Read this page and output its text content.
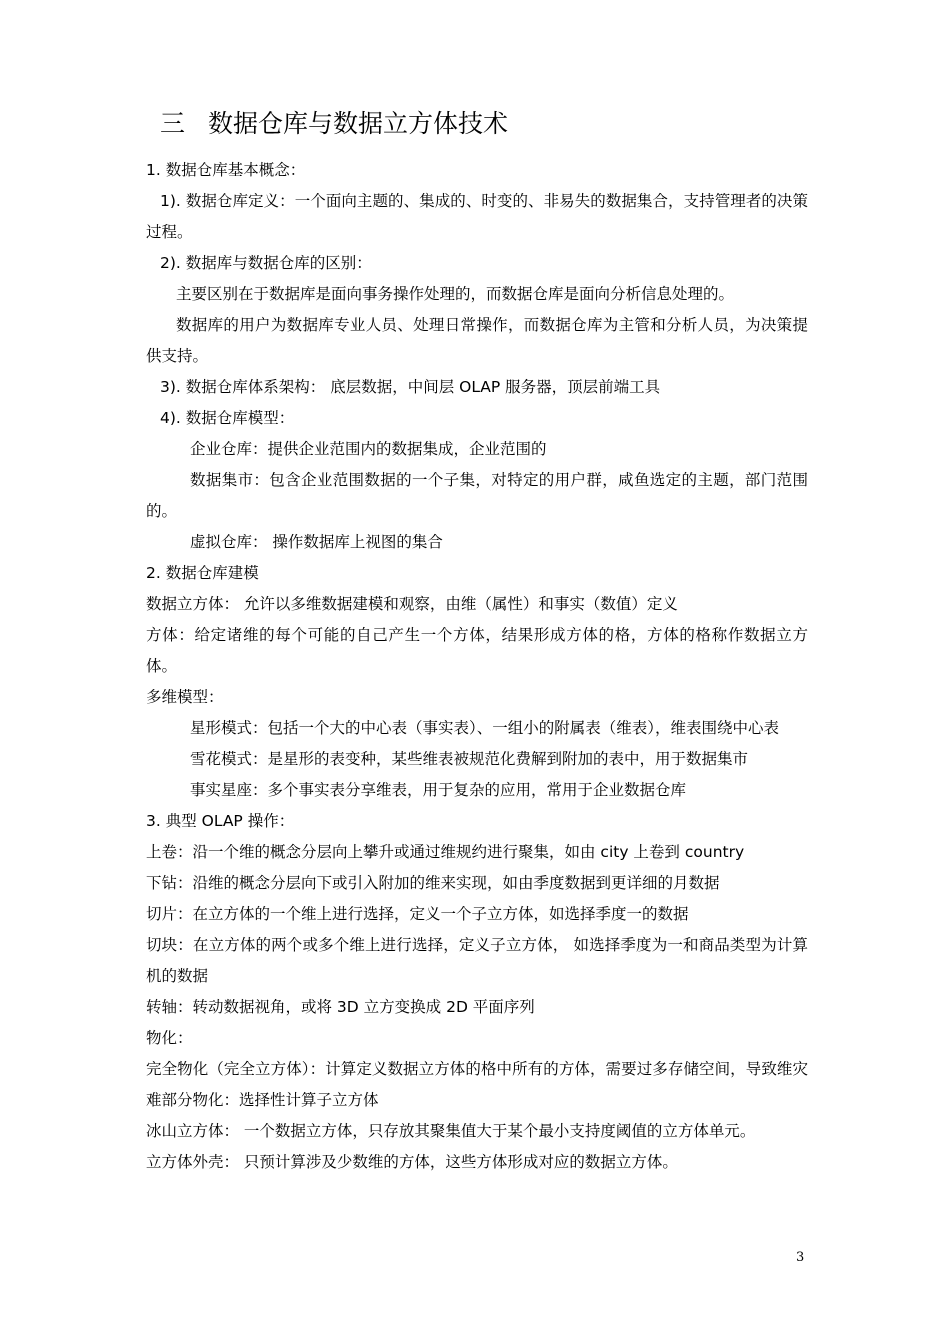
三 数据仓库与数据立方体技术

1. 数据仓库基本概念：

1). 数据仓库定义：一个面向主题的、集成的、时变的、非易失的数据集合，支持管理者的决策过程。

2). 数据库与数据仓库的区别：

主要区别在于数据库是面向事务操作处理的，而数据仓库是面向分析信息处理的。

数据库的用户为数据库专业人员、处理日常操作，而数据仓库为主管和分析人员，为决策提供支持。

3). 数据仓库体系架构： 底层数据，中间层 OLAP 服务器，顶层前端工具

4). 数据仓库模型：

企业仓库：提供企业范围内的数据集成，企业范围的

数据集市：包含企业范围数据的一个子集，对特定的用户群，咸鱼选定的主题，部门范围的。

虚拟仓库： 操作数据库上视图的集合

2. 数据仓库建模

数据立方体： 允许以多维数据建模和观察，由维（属性）和事实（数值）定义

方体：给定诸维的每个可能的自己产生一个方体，结果形成方体的格，方体的格称作数据立方体。

多维模型：

星形模式：包括一个大的中心表（事实表）、一组小的附属表（维表），维表围绕中心表

雪花模式：是星形的表变种，某些维表被规范化费解到附加的表中，用于数据集市

事实星座：多个事实表分享维表，用于复杂的应用，常用于企业数据仓库

3. 典型 OLAP 操作：

上卷：沿一个维的概念分层向上攀升或通过维规约进行聚集，如由 city 上卷到 country

下钻：沿维的概念分层向下或引入附加的维来实现，如由季度数据到更详细的月数据

切片：在立方体的一个维上进行选择，定义一个子立方体，如选择季度一的数据

切块：在立方体的两个或多个维上进行选择，定义子立方体， 如选择季度为一和商品类型为计算机的数据

转轴：转动数据视角，或将 3D 立方变换成 2D 平面序列

物化：

完全物化（完全立方体）：计算定义数据立方体的格中所有的方体，需要过多存储空间，导致维灾难部分物化：选择性计算子立方体

冰山立方体： 一个数据立方体，只存放其聚集值大于某个最小支持度阈值的立方体单元。

立方体外壳： 只预计算涉及少数维的方体，这些方体形成对应的数据立方体。

3
